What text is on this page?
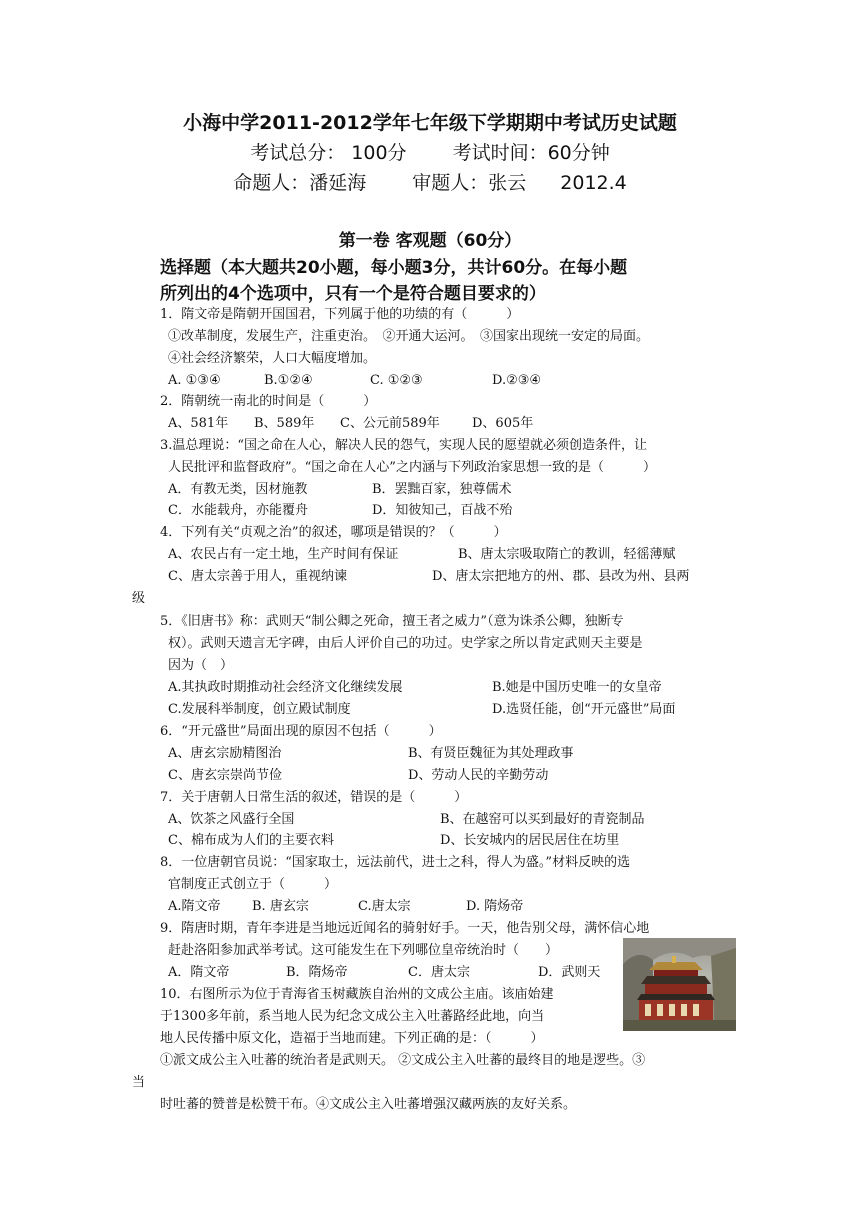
小海中学2011-2012学年七年级下学期期中考试历史试题
考试总分： 100分 考试时间：60分钟
命题人：潘延海 审题人：张云 2012.4
第一卷 客观题（60分）
选择题（本大题共20小题，每小题3分，共计60分。在每小题
所列出的4个选项中，只有一个是符合题目要求的）
1．隋文帝是隋朝开国国君，下列属于他的功绩的有（　　　）
①改革制度，发展生产，注重吏治。　②开通大运河。　③国家出现统一安定的局面。
④社会经济繁荣，人口大幅度增加。
A. ①③④	B.①②④	C. ①②③	D.②③④
2．隋朝统一南北的时间是（　　　）
A、581年	B、589年	C、公元前589年	D、605年
3.温总理说：“国之命在人心，解决人民的怨气，实现人民的愿望就必须创造条件，让
人民批评和监督政府”。“国之命在人心”之内涵与下列政治家思想一致的是（　　　）
A．有教无类，因材施教	B．罢黜百家，独尊儒术
C．水能载舟，亦能覆舟	D．知彼知己，百战不殆
4．下列有关“贞观之治”的叙述，哪项是错误的？（　　　）
A、农民占有一定土地，生产时间有保证	B、唐太宗吸取隋亡的教训，轻徭薄赋
C、唐太宗善于用人，重视纳谏	D、唐太宗把地方的州、郡、县改为州、县两
级
5．《旧唐书》称：武则天“制公卿之死命，擅王者之威力”（意为诛杀公卿，独断专
权）。武则天遗言无字碑，由后人评价自己的功过。史学家之所以肯定武则天主要是
因为（　）
A.其执政时期推动社会经济文化继续发展	B.她是中国历史唯一的女皇帝
C.发展科举制度，创立殿试制度	D.选贤任能，创“开元盛世”局面
6．“开元盛世”局面出现的原因不包括（　　　）
A、唐玄宗励精图治	B、有贤臣魏征为其处理政事
C、唐玄宗崇尚节俭	D、劳动人民的辛勤劳动
7．关于唐朝人日常生活的叙述，错误的是（　　　）
A、饮茶之风盛行全国	B、在越窑可以买到最好的青瓷制品
C、棉布成为人们的主要衣料	D、长安城内的居民居住在坊里
8．一位唐朝官员说：“国家取士，远法前代，进士之科，得人为盛。”材料反映的选
官制度正式创立于（　　　）
A.隋文帝	B. 唐玄宗	C.唐太宗	D. 隋炀帝
9．隋唐时期，青年李进是当地远近闻名的骑射好手。一天，他告别父母，满怀信心地
赶赴洛阳参加武举考试。这可能发生在下列哪位皇帝统治时（　　）
A．隋文帝	B．隋炀帝	C．唐太宗	D．武则天
10．右图所示为位于青海省玉树藏族自治州的文成公主庙。该庙始建
于1300多年前，系当地人民为纪念文成公主入吐蕃路经此地，向当
地人民传播中原文化，造福于当地而建。下列正确的是：（　　　）
①派文成公主入吐蕃的统治者是武则天。 ②文成公主入吐蕃的最终目的地是逻些。③
当
时吐蕃的赞普是松赞干布。④文成公主入吐蕃增强汉藏两族的友好关系。
